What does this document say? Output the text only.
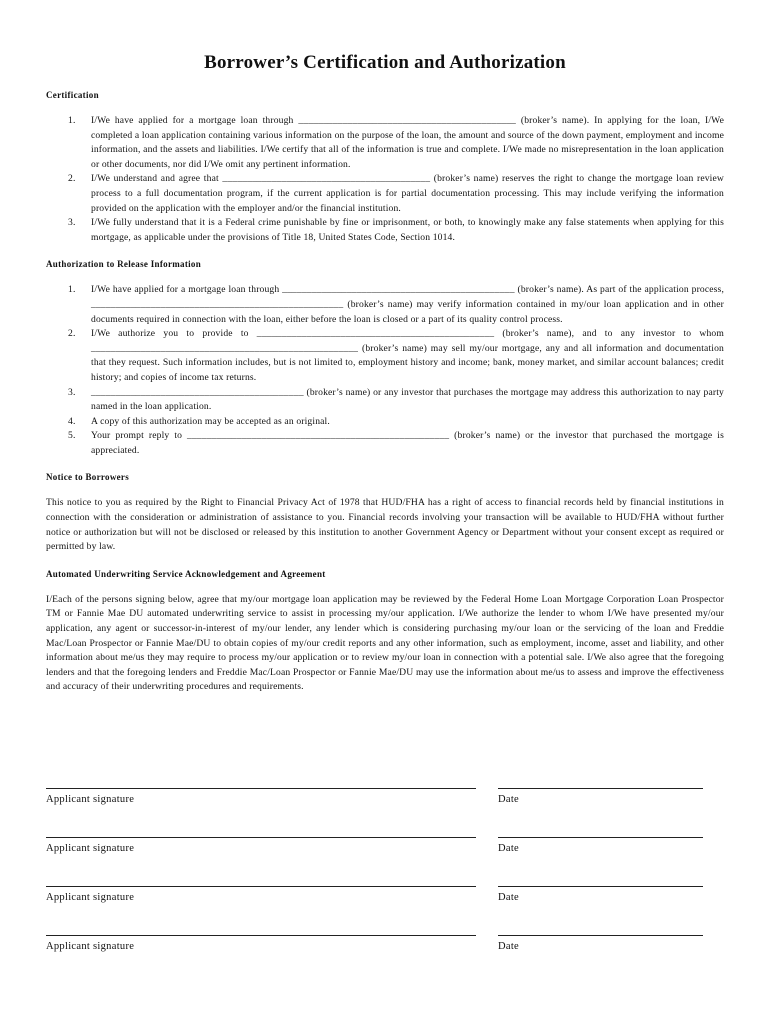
Borrower’s Certification and Authorization

Certification

1. I/We have applied for a mortgage loan through ____________________________________________ (broker’s name). In applying for the loan, I/We completed a loan application containing various information on the purpose of the loan, the amount and source of the down payment, employment and income information, and the assets and liabilities. I/We certify that all of the information is true and complete. I/We made no misrepresentation in the loan application or other documents, nor did I/We omit any pertinent information.
2. I/We understand and agree that __________________________________________ (broker’s name) reserves the right to change the mortgage loan review process to a full documentation program, if the current application is for partial documentation processing. This may include verifying the information provided on the application with the employer and/or the financial institution.
3. I/We fully understand that it is a Federal crime punishable by fine or imprisonment, or both, to knowingly make any false statements when applying for this mortgage, as applicable under the provisions of Title 18, United States Code, Section 1014.

Authorization to Release Information

1. I/We have applied for a mortgage loan through _______________________________________________ (broker’s name). As part of the application process, ___________________________________________________ (broker’s name) may verify information contained in my/our loan application and in other documents required in connection with the loan, either before the loan is closed or a part of its quality control process.
2. I/We authorize you to provide to ________________________________________________ (broker’s name), and to any investor to whom ______________________________________________________ (broker’s name) may sell my/our mortgage, any and all information and documentation that they request. Such information includes, but is not limited to, employment history and income; bank, money market, and similar account balances; credit history; and copies of income tax returns.
3. ___________________________________________ (broker’s name) or any investor that purchases the mortgage may address this authorization to nay party named in the loan application.
4. A copy of this authorization may be accepted as an original.
5. Your prompt reply to _____________________________________________________ (broker’s name) or the investor that purchased the mortgage is appreciated.

Notice to Borrowers

This notice to you as required by the Right to Financial Privacy Act of 1978 that HUD/FHA has a right of access to financial records held by financial institutions in connection with the consideration or administration of assistance to you. Financial records involving your transaction will be available to HUD/FHA without further notice or authorization but will not be disclosed or released by this institution to another Government Agency or Department without your consent except as required or permitted by law.

Automated Underwriting Service Acknowledgement and Agreement

I/Each of the persons signing below, agree that my/our mortgage loan application may be reviewed by the Federal Home Loan Mortgage Corporation Loan Prospector TM or Fannie Mae DU automated underwriting service to assist in processing my/our application. I/We authorize the lender to whom I/We have presented my/our application, any agent or successor-in-interest of my/our lender, any lender which is considering purchasing my/our loan or the servicing of the loan and Freddie Mac/Loan Prospector or Fannie Mae/DU to obtain copies of my/our credit reports and any other information, such as employment, income, asset and liability, and other information about me/us they may require to process my/our application or to review my/our loan in connection with a potential sale. I/We also agree that the foregoing lenders and that the foregoing lenders and Freddie Mac/Loan Prospector or Fannie Mae/DU may use the information about me/us to assess and improve the effectiveness and accuracy of their underwriting procedures and requirements.

Applicant signature	Date
Applicant signature	Date
Applicant signature	Date
Applicant signature	Date
